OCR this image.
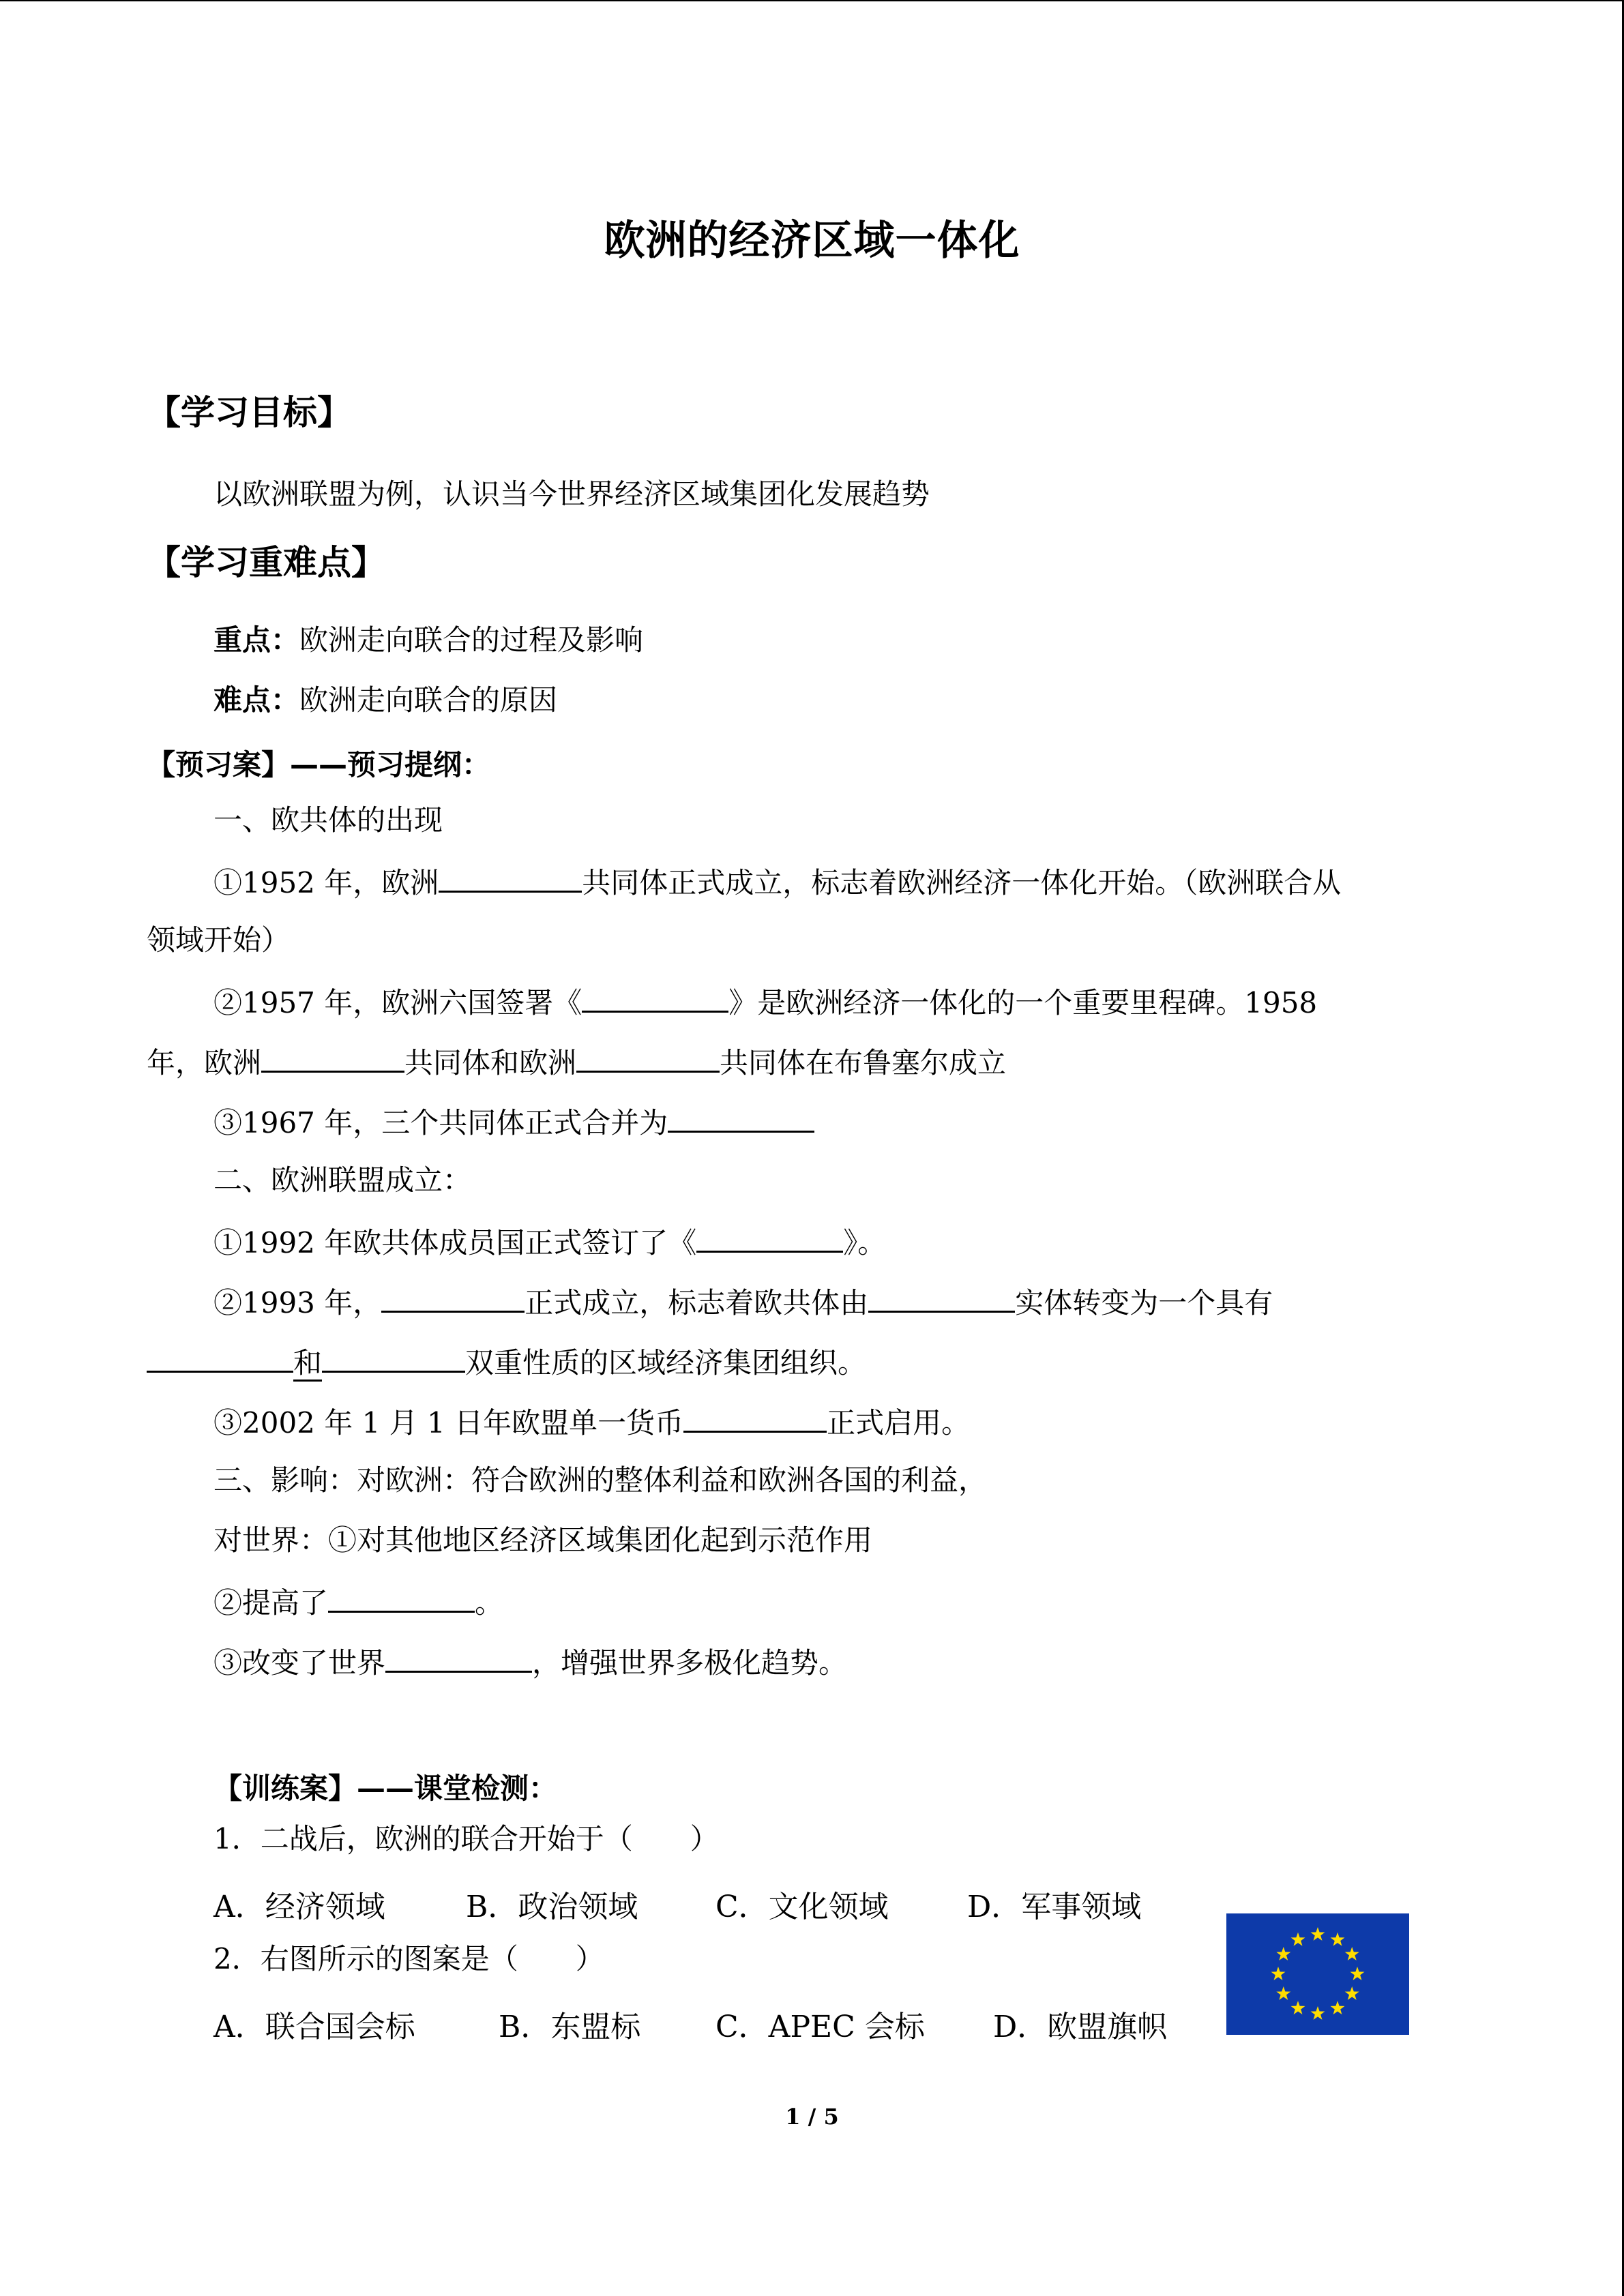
欧洲的经济区域一体化
【学习目标】
以欧洲联盟为例，认识当今世界经济区域集团化发展趋势
【学习重难点】
重点：欧洲走向联合的过程及影响
难点：欧洲走向联合的原因
【预习案】——预习提纲：
一、欧共体的出现
①1952 年，欧洲	共同体正式成立，标志着欧洲经济一体化开始。（欧洲联合从
领域开始）
②1957 年，欧洲六国签署《	》是欧洲经济一体化的一个重要里程碑。1958
年，欧洲	共同体和欧洲	共同体在布鲁塞尔成立
③1967 年，三个共同体正式合并为
二、欧洲联盟成立：
①1992 年欧共体成员国正式签订了《	》。
②1993 年，	正式成立，标志着欧共体由	实体转变为一个具有
和	双重性质的区域经济集团组织。
③2002 年 1 月 1 日年欧盟单一货币	正式启用。
三、影响：对欧洲：符合欧洲的整体利益和欧洲各国的利益，
对世界：①对其他地区经济区域集团化起到示范作用
②提高了	。
③改变了世界	，增强世界多极化趋势。
【训练案】——课堂检测：
1．二战后，欧洲的联合开始于（　　）
A．经济领域	B．政治领域	C．文化领域	D．军事领域
2．右图所示的图案是（　　）
A．联合国会标	B．东盟标 C．APEC 会标 D．欧盟旗帜
1 / 5
